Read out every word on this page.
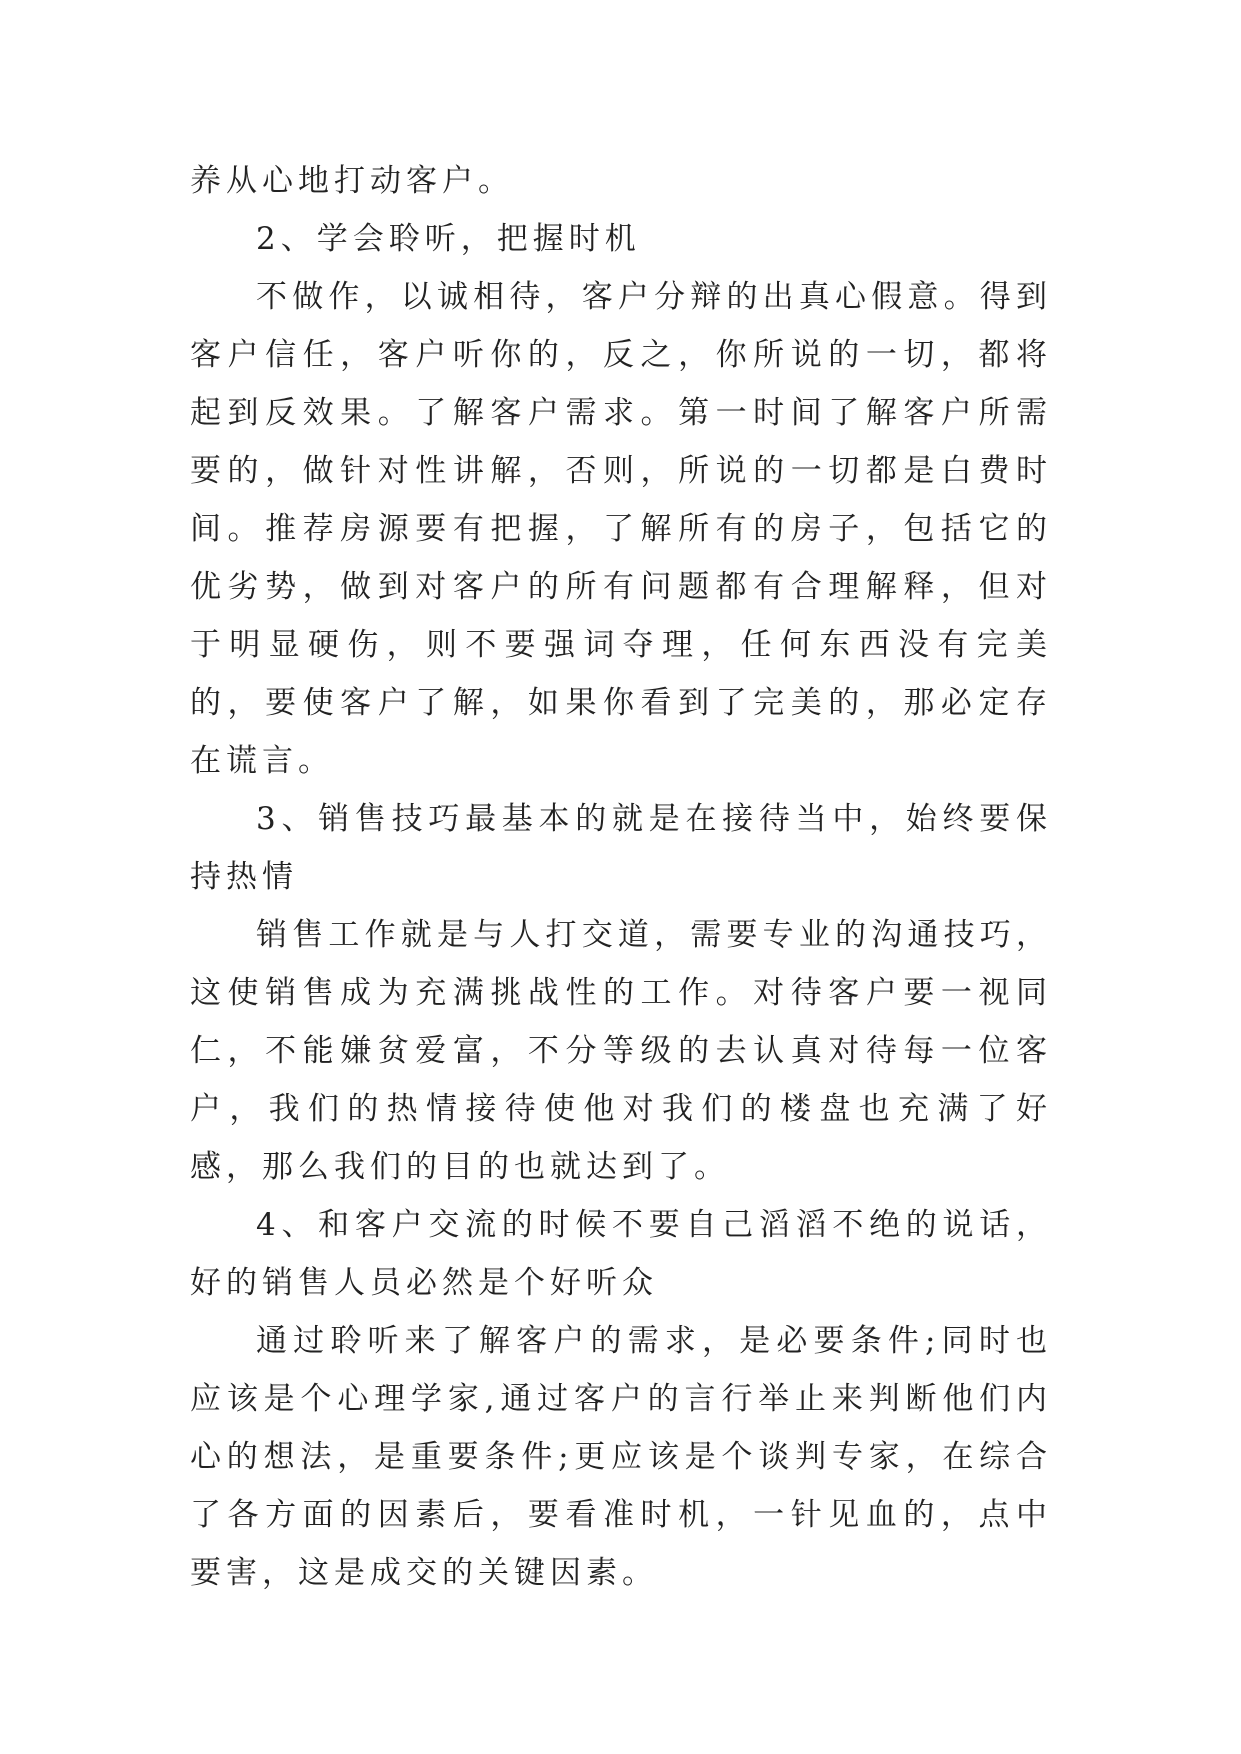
养从心地打动客户。

2、学会聆听，把握时机

不做作，以诚相待，客户分辩的出真心假意。得到客户信任，客户听你的，反之，你所说的一切，都将起到反效果。了解客户需求。第一时间了解客户所需要的，做针对性讲解，否则，所说的一切都是白费时间。推荐房源要有把握，了解所有的房子，包括它的优劣势，做到对客户的所有问题都有合理解释，但对于明显硬伤，则不要强词夺理，任何东西没有完美的，要使客户了解，如果你看到了完美的，那必定存在谎言。

3、销售技巧最基本的就是在接待当中，始终要保持热情

销售工作就是与人打交道，需要专业的沟通技巧，这使销售成为充满挑战性的工作。对待客户要一视同仁，不能嫌贫爱富，不分等级的去认真对待每一位客户，我们的热情接待使他对我们的楼盘也充满了好感，那么我们的目的也就达到了。

4、和客户交流的时候不要自己滔滔不绝的说话，好的销售人员必然是个好听众

通过聆听来了解客户的需求，是必要条件;同时也应该是个心理学家,通过客户的言行举止来判断他们内心的想法，是重要条件;更应该是个谈判专家，在综合了各方面的因素后，要看准时机，一针见血的，点中要害，这是成交的关键因素。
